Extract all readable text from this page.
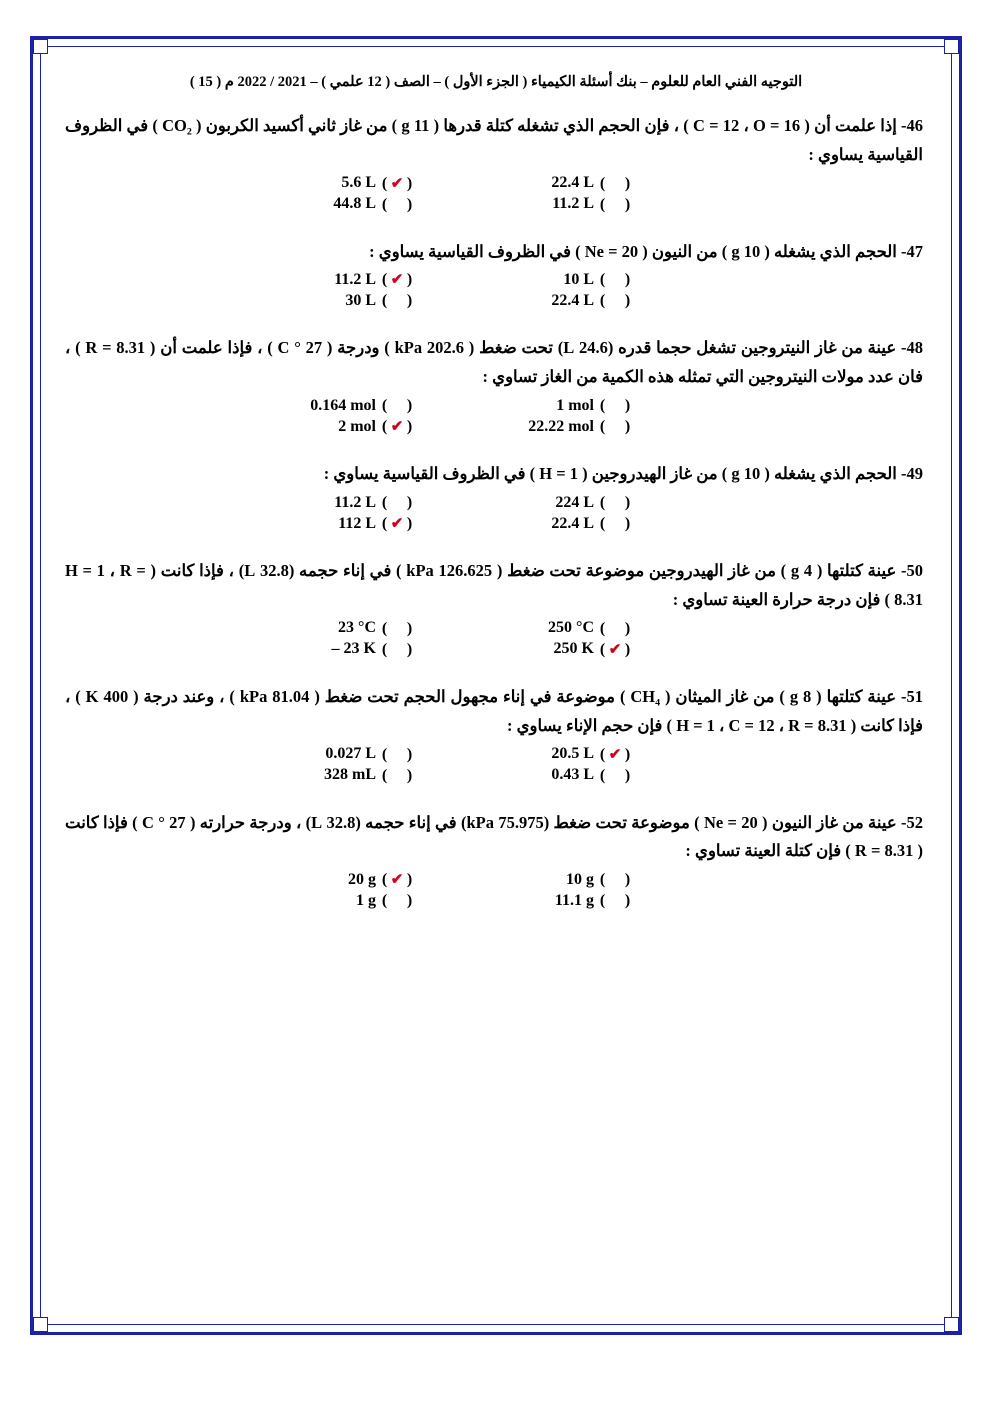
التوجيه الفني العام للعلوم – بنك أسئلة الكيمياء ( الجزء الأول ) – الصف ( 12 علمي ) – 2021 / 2022 م ( 15 )
46- إذا علمت أن ( C = 12 ، O = 16 ) ، فإن الحجم الذي تشغله كتلة قدرها ( 11 g ) من غاز ثاني أكسيد الكربون ( CO₂ ) في الظروف القياسية يساوي :
22.4 L ( )
5.6 L ( ✔ )
11.2 L ( )
44.8 L ( )
47- الحجم الذي يشغله ( 10 g ) من النيون ( Ne = 20 ) في الظروف القياسية يساوي :
10 L ( )
11.2 L ( ✔ )
22.4 L ( )
30 L ( )
48- عينة من غاز النيتروجين تشغل حجما قدره (24.6 L) تحت ضغط ( 202.6 kPa ) ودرجة ( 27 ° C ) ، فإذا علمت أن ( R = 8.31 ) ، فان عدد مولات النيتروجين التي تمثله هذه الكمية من الغاز تساوي :
1 mol ( )
0.164 mol ( )
22.22 mol ( )
2 mol ( ✔ )
49- الحجم الذي يشغله ( 10 g ) من غاز الهيدروجين ( H = 1 ) في الظروف القياسية يساوي :
224 L ( )
11.2 L ( )
22.4 L ( )
112 L ( ✔ )
50- عينة كتلتها ( 4 g ) من غاز الهيدروجين موضوعة تحت ضغط ( 126.625 kPa ) في إناء حجمه (32.8 L) ، فإذا كانت ( H = 1 ، R = 8.31 ) فإن درجة حرارة العينة تساوي :
250 °C ( )
23 °C ( )
250 K ( ✔ )
– 23 K ( )
51- عينة كتلتها ( 8 g ) من غاز الميثان ( CH₄ ) موضوعة في إناء مجهول الحجم تحت ضغط ( 81.04 kPa ) ، وعند درجة ( 400 K ) ، فإذا كانت ( H = 1 ، C = 12 ، R = 8.31 ) فإن حجم الإناء يساوي :
20.5 L ( ✔ )
0.027 L ( )
0.43 L ( )
328 mL ( )
52- عينة من غاز النيون ( Ne = 20 ) موضوعة تحت ضغط (75.975 kPa) في إناء حجمه (32.8 L) ، ودرجة حرارته ( 27 ° C ) فإذا كانت ( R = 8.31 ) فإن كتلة العينة تساوي :
10 g ( )
20 g ( ✔ )
11.1 g ( )
1 g ( )
